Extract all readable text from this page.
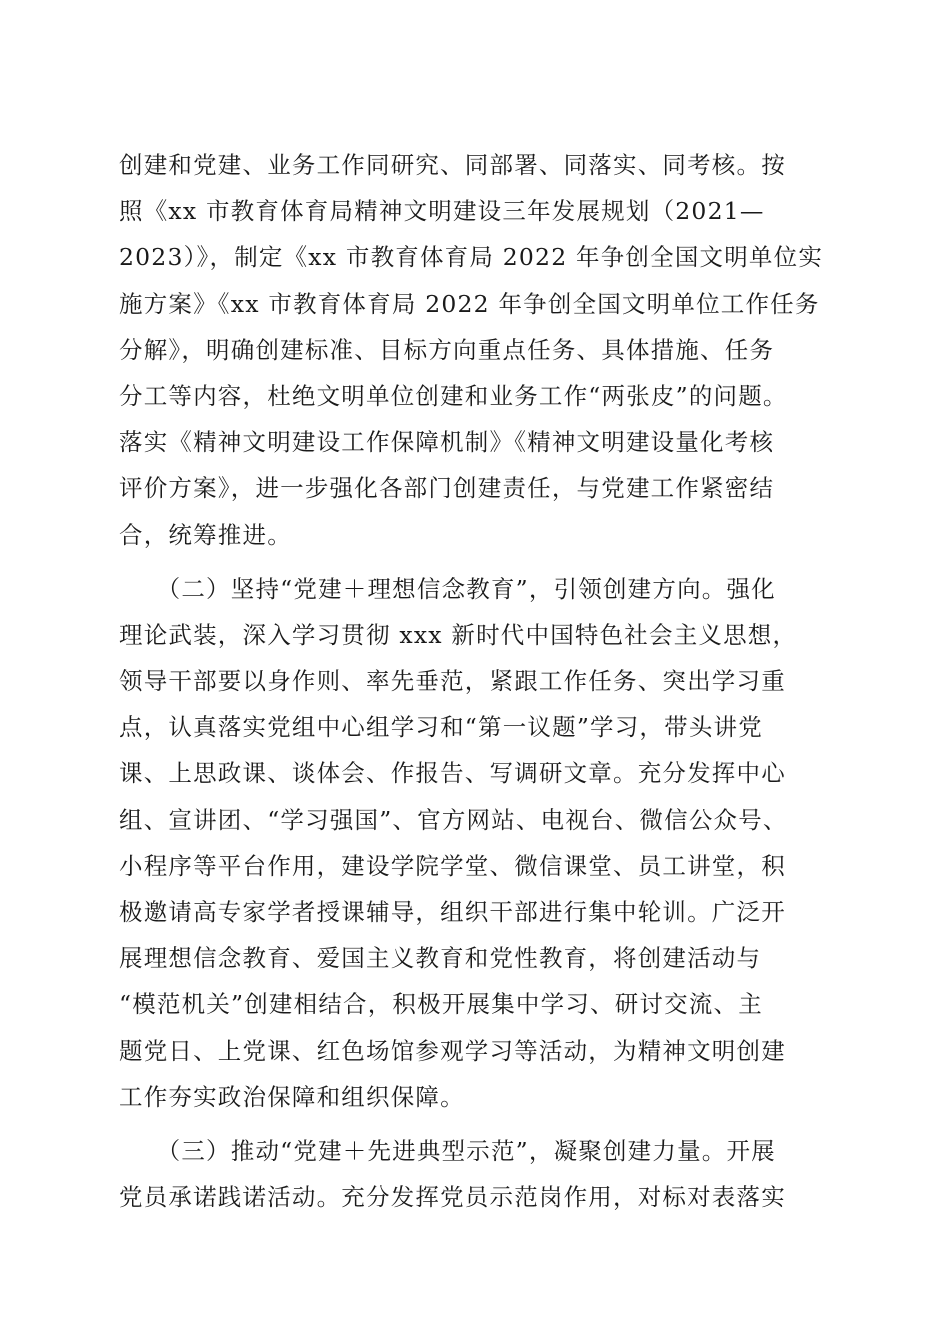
创建和党建、业务工作同研究、同部署、同落实、同考核。按
照《xx 市教育体育局精神文明建设三年发展规划（2021—
2023）》，制定《xx 市教育体育局 2022 年争创全国文明单位实
施方案》《xx 市教育体育局 2022 年争创全国文明单位工作任务
分解》，明确创建标准、目标方向重点任务、具体措施、任务
分工等内容，杜绝文明单位创建和业务工作“两张皮”的问题。
落实《精神文明建设工作保障机制》《精神文明建设量化考核
评价方案》，进一步强化各部门创建责任，与党建工作紧密结
合，统筹推进。
　　（二）坚持“党建＋理想信念教育”，引领创建方向。强化
理论武装，深入学习贯彻 xxx 新时代中国特色社会主义思想，
领导干部要以身作则、率先垂范，紧跟工作任务、突出学习重
点，认真落实党组中心组学习和“第一议题”学习，带头讲党
课、上思政课、谈体会、作报告、写调研文章。充分发挥中心
组、宣讲团、“学习强国”、官方网站、电视台、微信公众号、
小程序等平台作用，建设学院学堂、微信课堂、员工讲堂，积
极邀请高专家学者授课辅导，组织干部进行集中轮训。广泛开
展理想信念教育、爱国主义教育和党性教育，将创建活动与
“模范机关”创建相结合，积极开展集中学习、研讨交流、主
题党日、上党课、红色场馆参观学习等活动，为精神文明创建
工作夯实政治保障和组织保障。
　　（三）推动“党建＋先进典型示范”，凝聚创建力量。开展
党员承诺践诺活动。充分发挥党员示范岗作用，对标对表落实
